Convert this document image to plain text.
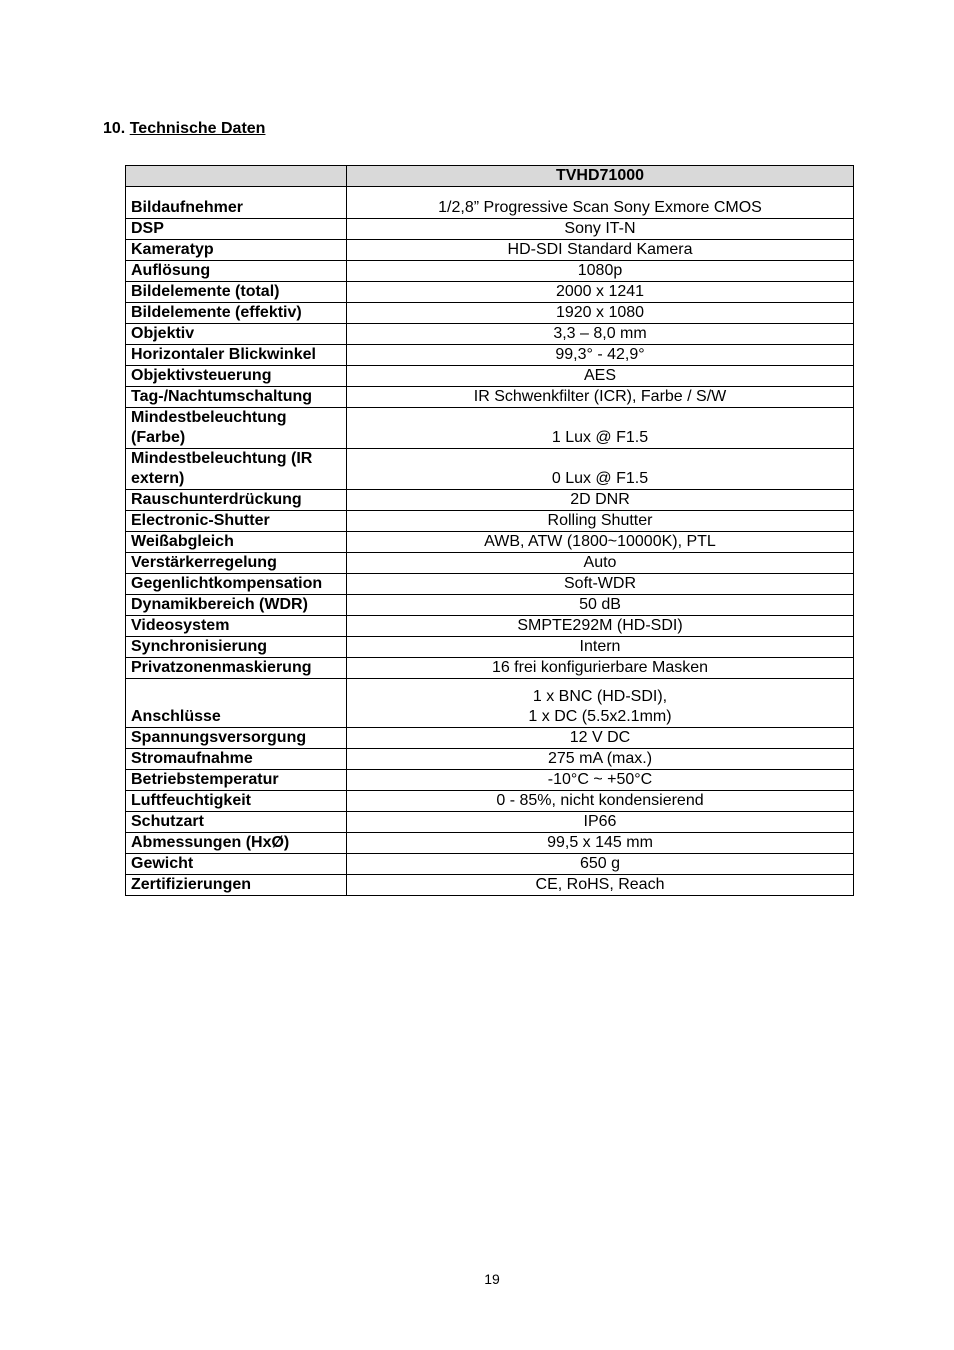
10. Technische Daten
	TVHD71000
Bildaufnehmer	1/2,8” Progressive Scan Sony Exmore CMOS
DSP	Sony IT-N
Kameratyp	HD-SDI Standard Kamera
Auflösung	1080p
Bildelemente (total)	2000 x 1241
Bildelemente (effektiv)	1920 x 1080
Objektiv	3,3 – 8,0 mm
Horizontaler Blickwinkel	99,3° - 42,9°
Objektivsteuerung	AES
Tag-/Nachtumschaltung	IR Schwenkfilter (ICR), Farbe / S/W
Mindestbeleuchtung (Farbe)	1 Lux @ F1.5
Mindestbeleuchtung (IR extern)	0 Lux @ F1.5
Rauschunterdrückung	2D DNR
Electronic-Shutter	Rolling Shutter
Weißabgleich	AWB, ATW (1800~10000K), PTL
Verstärkerregelung	Auto
Gegenlichtkompensation	Soft-WDR
Dynamikbereich (WDR)	50 dB
Videosystem	SMPTE292M (HD-SDI)
Synchronisierung	Intern
Privatzonenmaskierung	16 frei konfigurierbare Masken
Anschlüsse	1 x BNC (HD-SDI),
1 x DC (5.5x2.1mm)

Spannungsversorgung	12 V DC
Stromaufnahme	275 mA (max.)
Betriebstemperatur	-10°C ~ +50°C
Luftfeuchtigkeit	0 - 85%, nicht kondensierend
Schutzart	IP66
Abmessungen (HxØ)	99,5 x 145 mm
Gewicht	650 g
Zertifizierungen	CE, RoHS, Reach
19
